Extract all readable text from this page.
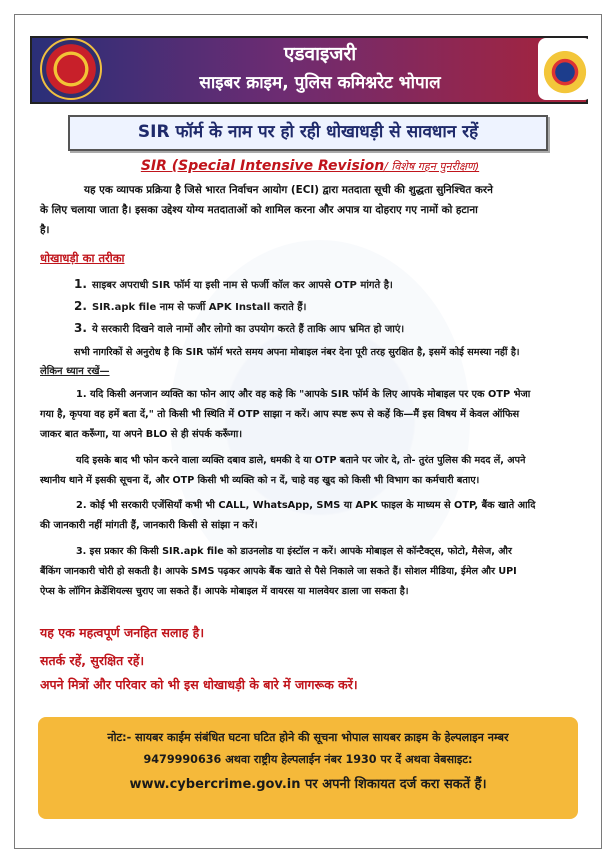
एडवाइजरी
साइबर क्राइम, पुलिस कमिश्नरेट भोपाल
SIR फॉर्म के नाम पर हो रही धोखाधड़ी से सावधान रहें
SIR (Special Intensive Revision/ विशेष गहन पुनरीक्षण)
यह एक व्यापक प्रक्रिया है जिसे भारत निर्वाचन आयोग (ECI) द्वारा मतदाता सूची की शुद्धता सुनिश्चित करने
के लिए चलाया जाता है। इसका उद्देश्य योग्य मतदाताओं को शामिल करना और अपात्र या दोहराए गए नामों को हटाना
है।
धोखाधड़ी का तरीका
1. साइबर अपराधी SIR फॉर्म या इसी नाम से फर्जी कॉल कर आपसे OTP मांगते है।
2. SIR.apk file नाम से फर्जी APK Install कराते हैं।
3. ये सरकारी दिखने वाले नामों और लोगो का उपयोग करते हैं ताकि आप भ्रमित हो जाएं।
सभी नागरिकों से अनुरोध है कि SIR फॉर्म भरते समय अपना मोबाइल नंबर देना पूरी तरह सुरक्षित है, इसमें कोई समस्या नहीं है।
लेकिन ध्यान रखें—
1. यदि किसी अनजान व्यक्ति का फोन आए और वह कहे कि "आपके SIR फॉर्म के लिए आपके मोबाइल पर एक OTP भेजा
गया है, कृपया वह हमें बता दें," तो किसी भी स्थिति में OTP साझा न करें। आप स्पष्ट रूप से कहें कि—मैं इस विषय में केवल ऑफिस
जाकर बात करूँगा, या अपने BLO से ही संपर्क करूँगा।
यदि इसके बाद भी फोन करने वाला व्यक्ति दबाव डाले, धमकी दे या OTP बताने पर जोर दे, तो- तुरंत पुलिस की मदद लें, अपने
स्थानीय थाने में इसकी सूचना दें, और OTP किसी भी व्यक्ति को न दें, चाहे वह खुद को किसी भी विभाग का कर्मचारी बताए।
2. कोई भी सरकारी एजेंसियाँ कभी भी CALL, WhatsApp, SMS या APK फाइल के माध्यम से OTP, बैंक खाते आदि
की जानकारी नहीं मांगती हैं, जानकारी किसी से सांझा न करें।
3. इस प्रकार की किसी SIR.apk file को डाउनलोड या इंस्टॉल न करें। आपके मोबाइल से कॉन्टैक्ट्स, फोटो, मैसेज, और
बैंकिंग जानकारी चोरी हो सकती है। आपके SMS पढ़कर आपके बैंक खाते से पैसे निकाले जा सकते हैं। सोशल मीडिया, ईमेल और UPI
ऐप्स के लॉगिन क्रेडेंशियल्स चुराए जा सकते हैं। आपके मोबाइल में वायरस या मालवेयर डाला जा सकता है।
यह एक महत्वपूर्ण जनहित सलाह है।
सतर्क रहें, सुरक्षित रहें।
अपने मित्रों और परिवार को भी इस धोखाधड़ी के बारे में जागरूक करें।
नोट:- सायबर काईम संबंधित घटना घटित होने की सूचना भोपाल सायबर क्राइम के हेल्पलाइन नम्बर
9479990636 अथवा राष्ट्रीय हेल्पलाईन नंबर 1930 पर दें अथवा वेबसाइट:
www.cybercrime.gov.in पर अपनी शिकायत दर्ज करा सकतें हैं।
